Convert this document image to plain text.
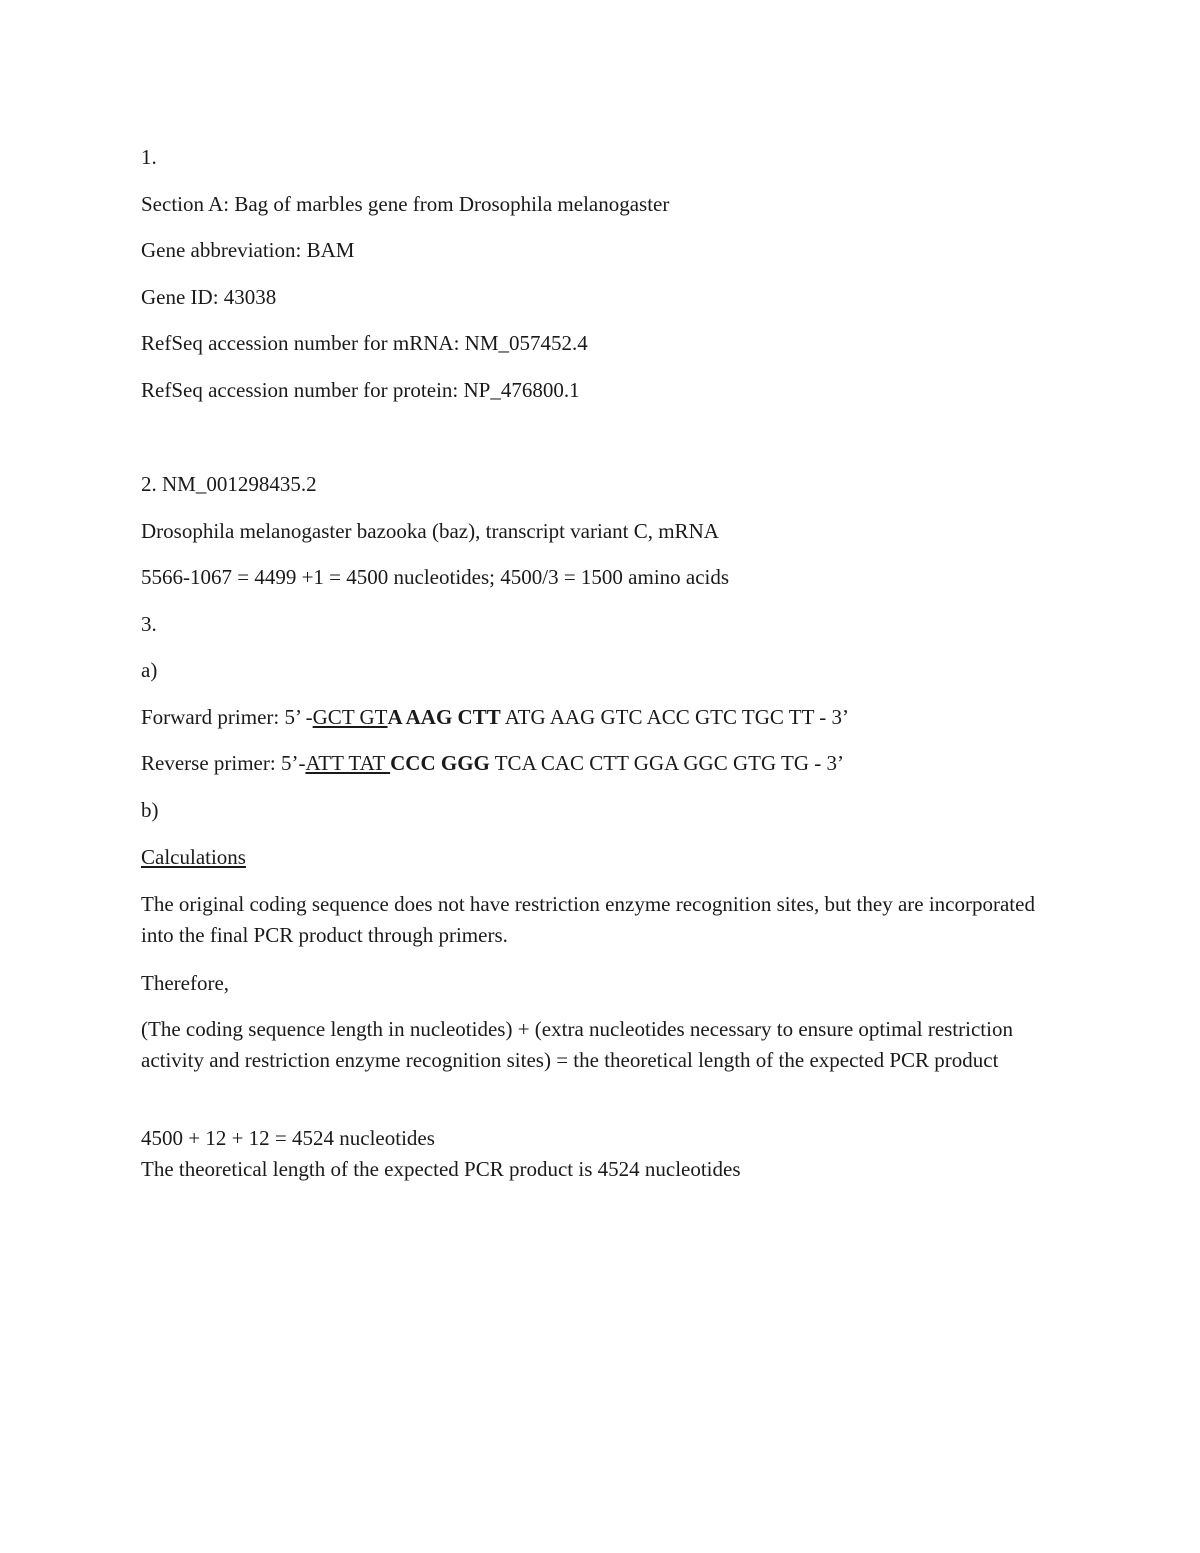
1.
Section A: Bag of marbles gene from Drosophila melanogaster
Gene abbreviation: BAM
Gene ID: 43038
RefSeq accession number for mRNA: NM_057452.4
RefSeq accession number for protein: NP_476800.1
2. NM_001298435.2
Drosophila melanogaster bazooka (baz), transcript variant C, mRNA
5566-1067 = 4499 +1 = 4500 nucleotides; 4500/3 = 1500 amino acids
3.
a)
Forward primer: 5’ -GCT GTA AAG CTT ATG AAG GTC ACC GTC TGC TT - 3’
Reverse primer: 5’-ATT TAT CCC GGG TCA CAC CTT GGA GGC GTG TG - 3’
b)
Calculations
The original coding sequence does not have restriction enzyme recognition sites, but they are incorporated into the final PCR product through primers.
Therefore,
(The coding sequence length in nucleotides) + (extra nucleotides necessary to ensure optimal restriction activity and restriction enzyme recognition sites) = the theoretical length of the expected PCR product
4500 + 12 + 12 = 4524 nucleotides
The theoretical length of the expected PCR product is 4524 nucleotides
